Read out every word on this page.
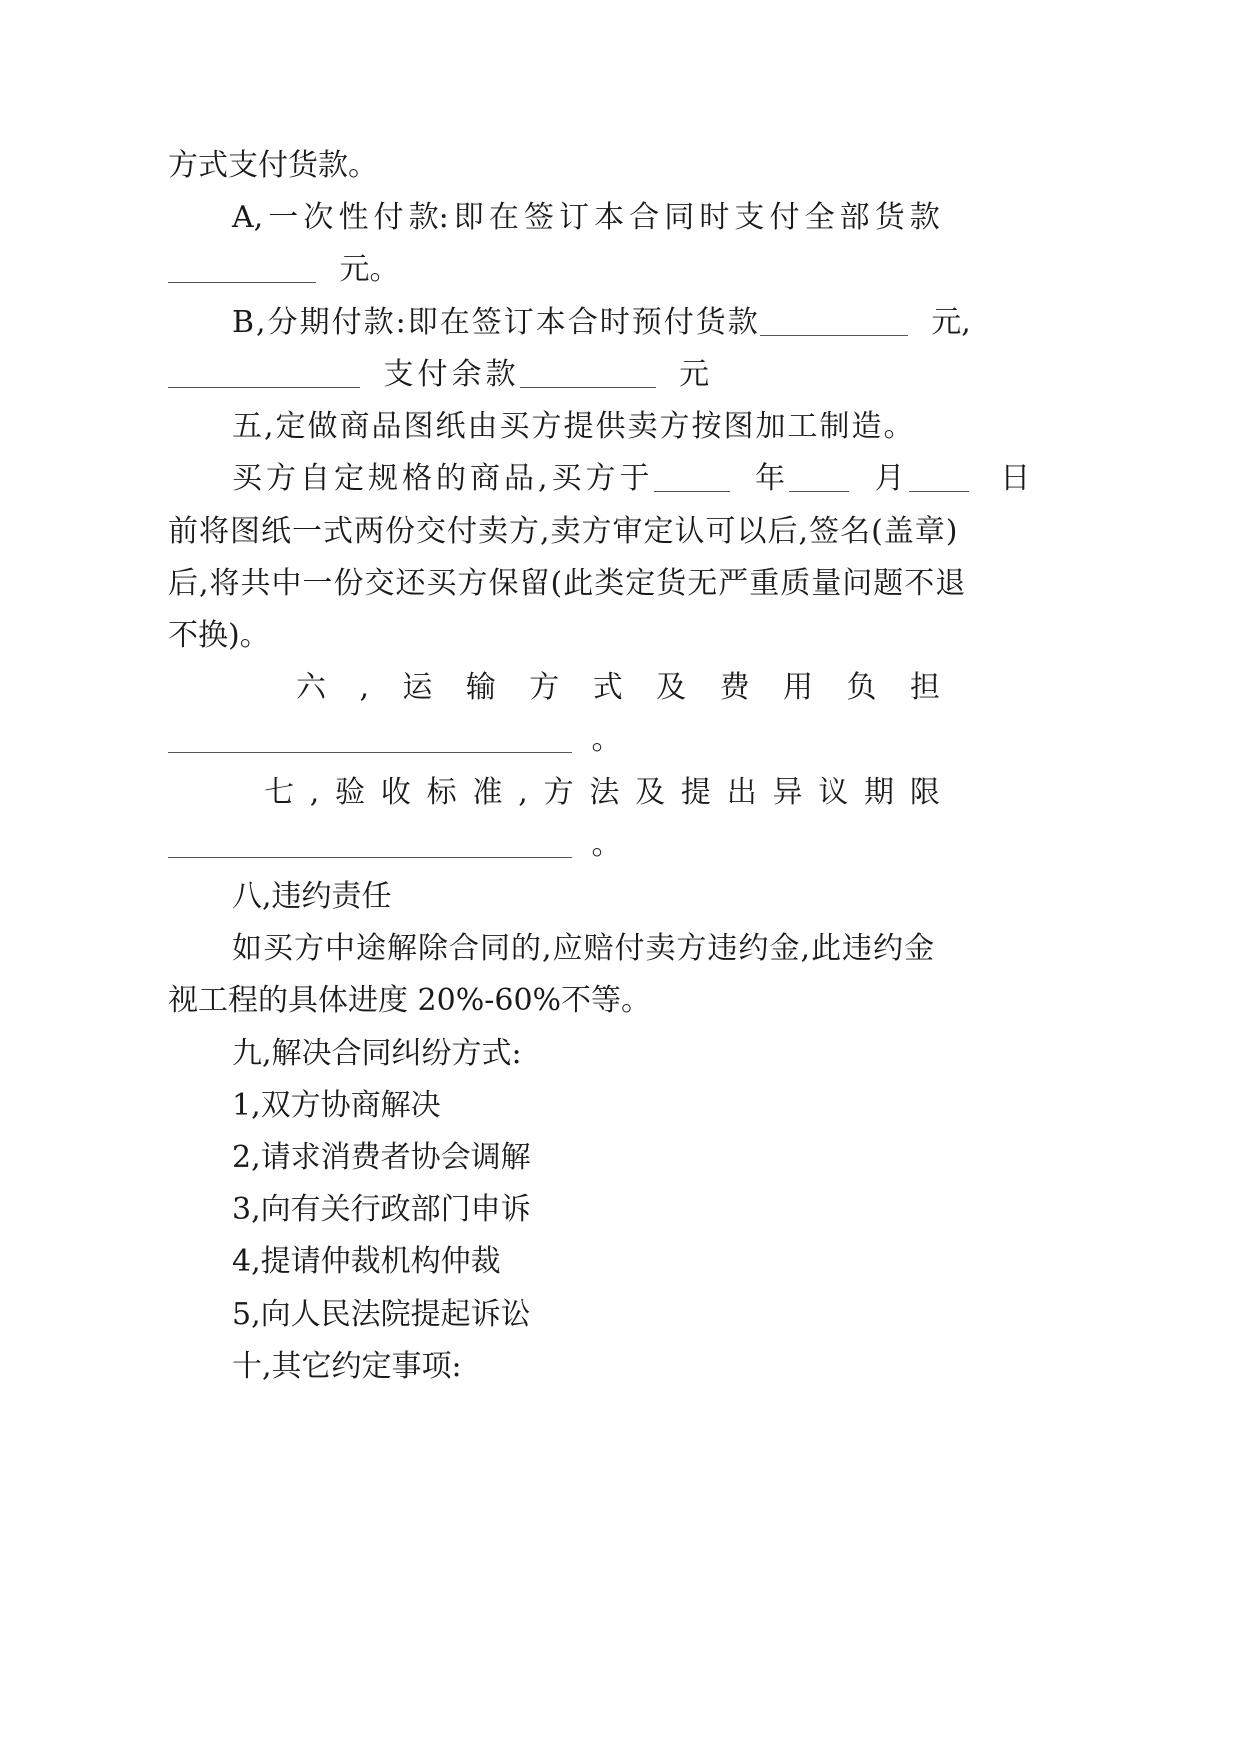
方式支付货款。

A, 一 次 性 付 款: 即 在 签 订 本 合 同 时 支 付 全 部 货 款

元。

B,分期付款:即在签订本合时预付货款	元,

支付余款	元

五,定做商品图纸由买方提供卖方按图加工制造。

买方自定规格的商品,买方于	年	月	日

前将图纸一式两份交付卖方,卖方审定认可以后,签名(盖章)

后,将共中一份交还买方保留(此类定货无严重质量问题不退

不换)。

六 , 运 输 方 式 及 费 用 负 担

。

七 , 验 收 标 准 , 方 法 及 提 出 异 议 期 限

。

八,违约责任

如买方中途解除合同的,应赔付卖方违约金,此违约金

视工程的具体进度 20%-60%不等。

九,解决合同纠纷方式:

1,双方协商解决

2,请求消费者协会调解

3,向有关行政部门申诉

4,提请仲裁机构仲裁

5,向人民法院提起诉讼

十,其它约定事项:
